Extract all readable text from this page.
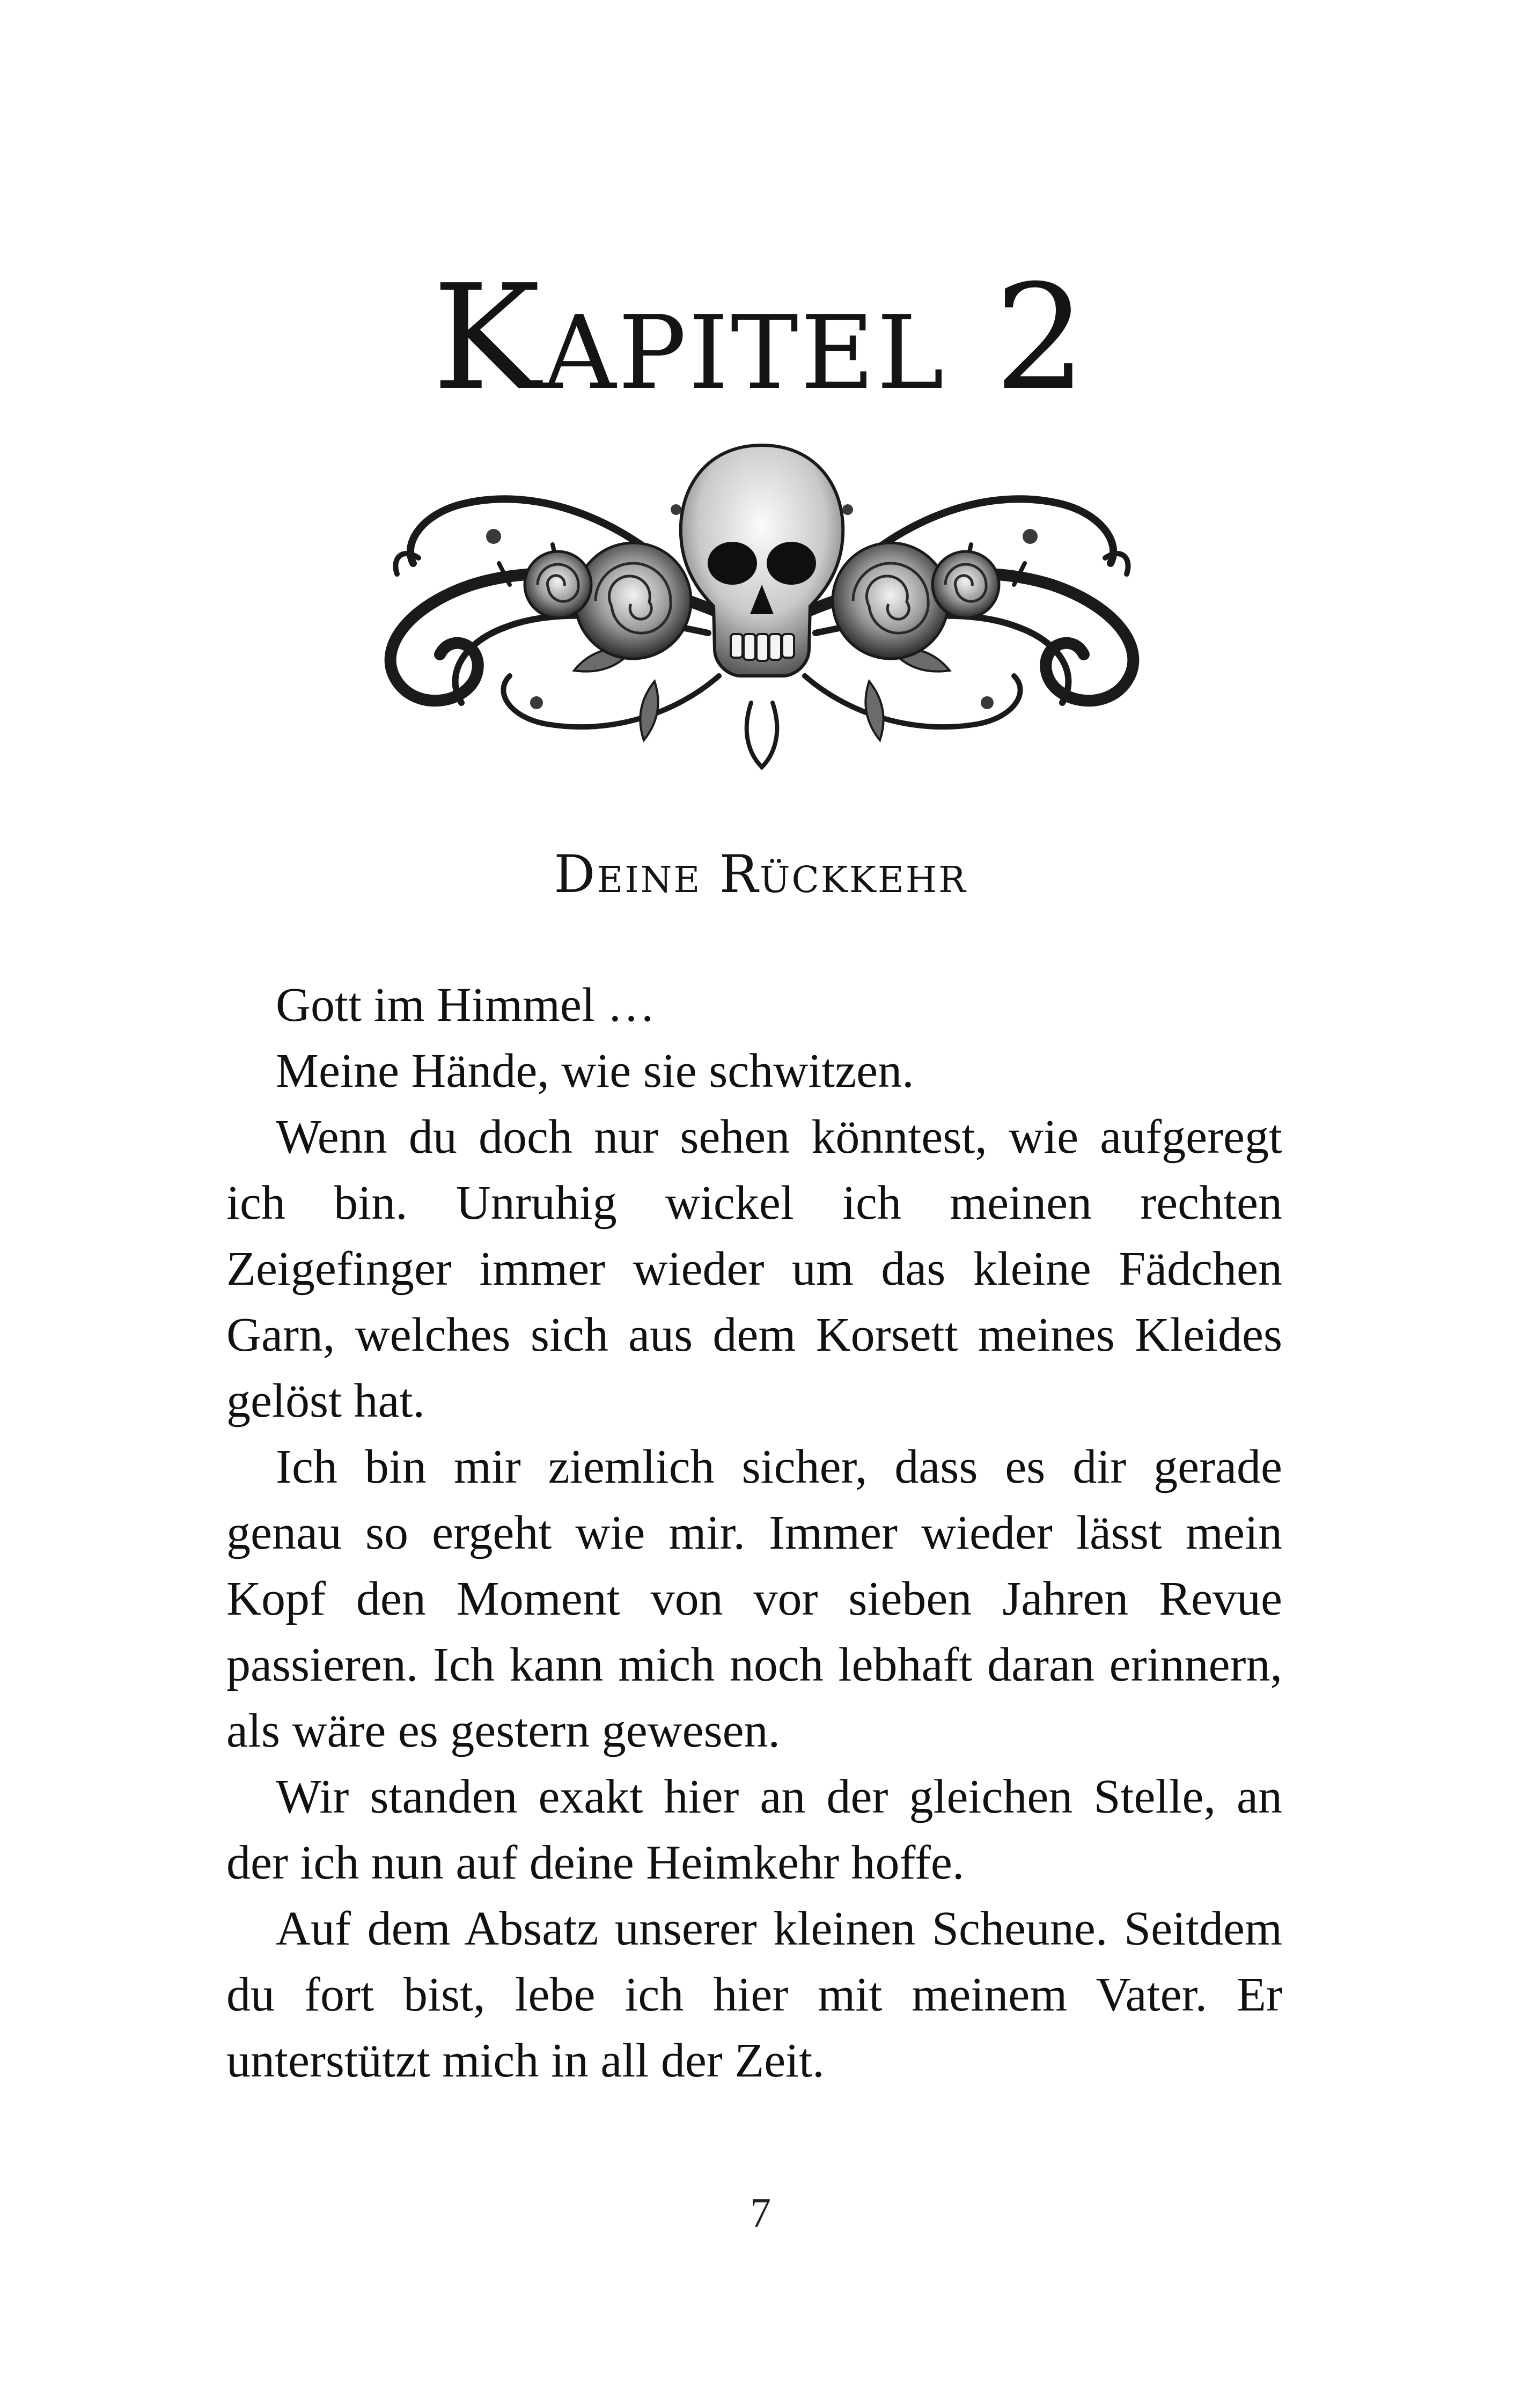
Kapitel 2
Deine Rückkehr

Gott im Himmel …

Meine Hände, wie sie schwitzen.

Wenn du doch nur sehen könntest, wie aufgeregt ich bin. Unruhig wickel ich meinen rechten Zeigefinger immer wieder um das kleine Fädchen Garn, welches sich aus dem Korsett meines Kleides gelöst hat.

Ich bin mir ziemlich sicher, dass es dir gerade genau so ergeht wie mir. Immer wieder lässt mein Kopf den Moment von vor sieben Jahren Revue passieren. Ich kann mich noch lebhaft daran erinnern, als wäre es gestern gewesen.

Wir standen exakt hier an der gleichen Stelle, an der ich nun auf deine Heimkehr hoffe.

Auf dem Absatz unserer kleinen Scheune. Seitdem du fort bist, lebe ich hier mit meinem Vater. Er unterstützt mich in all der Zeit.

7
